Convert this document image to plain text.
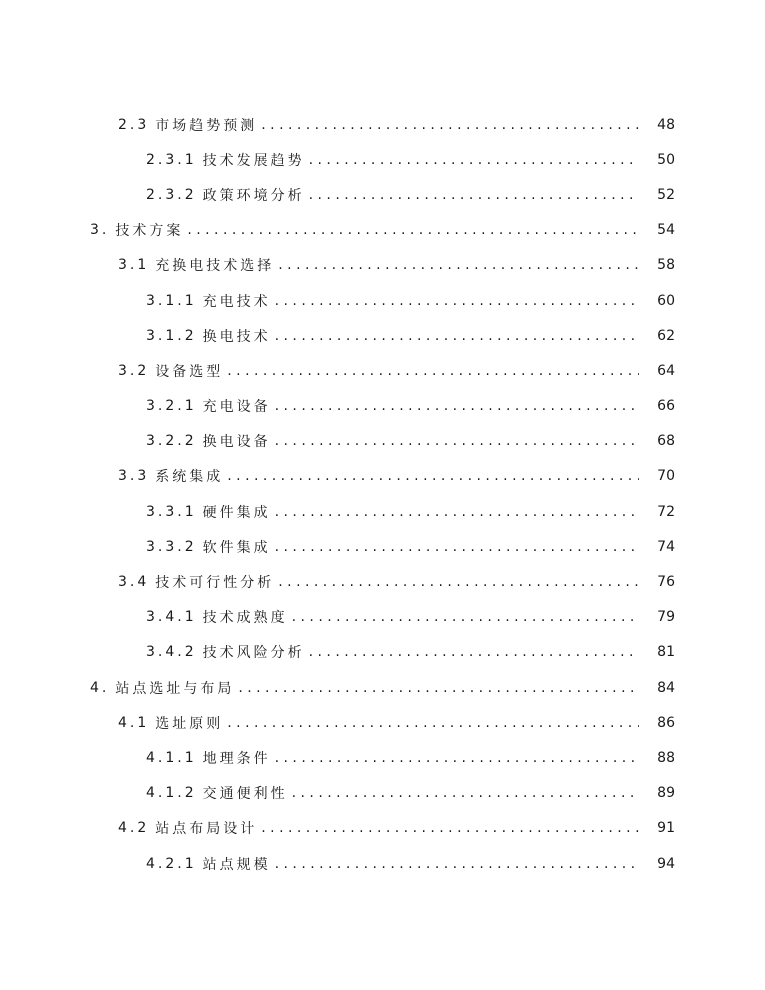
2.3 市场趋势预测 . . .	48
2.3.1 技术发展趋势 . . .	50
2.3.2 政策环境分析 . . .	52
3. 技术方案 . . .	54
3.1 充换电技术选择 . . .	58
3.1.1 充电技术 . . .	60
3.1.2 换电技术 . . .	62
3.2 设备选型 . . .	64
3.2.1 充电设备 . . .	66
3.2.2 换电设备 . . .	68
3.3 系统集成 . . .	70
3.3.1 硬件集成 . . .	72
3.3.2 软件集成 . . .	74
3.4 技术可行性分析 . . .	76
3.4.1 技术成熟度 . . .	79
3.4.2 技术风险分析 . . .	81
4. 站点选址与布局 . . .	84
4.1 选址原则 . . .	86
4.1.1 地理条件 . . .	88
4.1.2 交通便利性 . . .	89
4.2 站点布局设计 . . .	91
4.2.1 站点规模 . . .	94
